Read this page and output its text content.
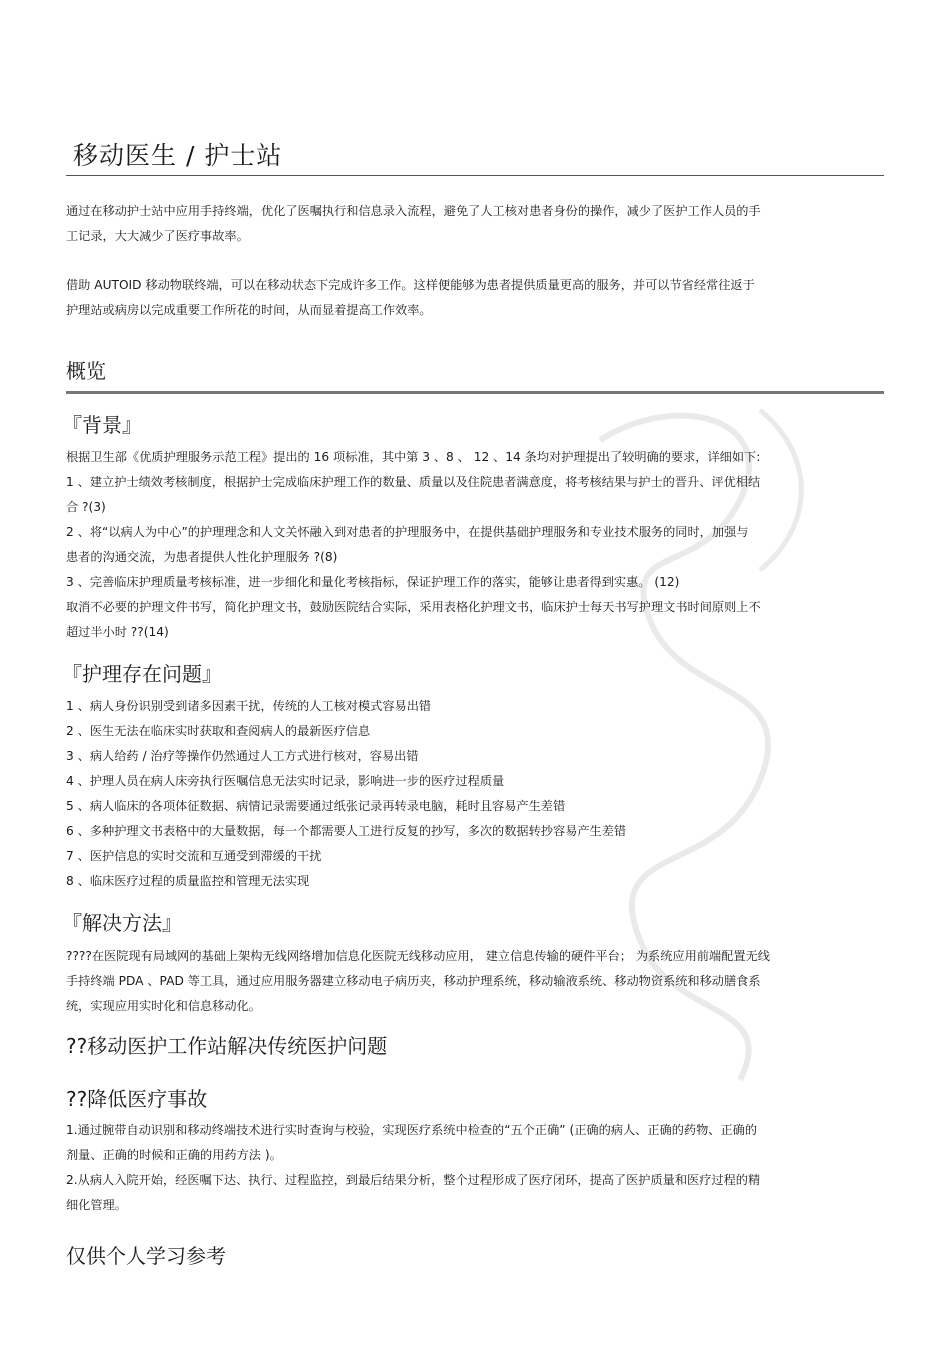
移动医生 / 护士站
通过在移动护士站中应用手持终端，优化了医嘱执行和信息录入流程，避免了人工核对患者身份的操作，减少了医护工作人员的手
工记录，大大减少了医疗事故率。
借助 AUTOID 移动物联终端，可以在移动状态下完成许多工作。这样便能够为患者提供质量更高的服务，并可以节省经常往返于
护理站或病房以完成重要工作所花的时间，从而显着提高工作效率。
概览
『背景』
根据卫生部《优质护理服务示范工程》提出的 16 项标准，其中第 3 、8 、 12 、14 条均对护理提出了较明确的要求，详细如下:
1 、建立护士绩效考核制度，根据护士完成临床护理工作的数量、质量以及住院患者满意度，将考核结果与护士的晋升、评优相结
合 ?(3)
2 、将“以病人为中心”的护理理念和人文关怀融入到对患者的护理服务中，在提供基础护理服务和专业技术服务的同时，加强与
患者的沟通交流，为患者提供人性化护理服务 ?(8)
3 、完善临床护理质量考核标准，进一步细化和量化考核指标，保证护理工作的落实，能够让患者得到实惠。 (12)
取消不必要的护理文件书写，简化护理文书，鼓励医院结合实际，采用表格化护理文书，临床护士每天书写护理文书时间原则上不
超过半小时 ??(14)
『护理存在问题』
1 、病人身份识别受到诸多因素干扰，传统的人工核对模式容易出错
2 、医生无法在临床实时获取和查阅病人的最新医疗信息
3 、病人给药 / 治疗等操作仍然通过人工方式进行核对，容易出错
4 、护理人员在病人床旁执行医嘱信息无法实时记录，影响进一步的医疗过程质量
5 、病人临床的各项体征数据、病情记录需要通过纸张记录再转录电脑，耗时且容易产生差错
6 、多种护理文书表格中的大量数据，每一个都需要人工进行反复的抄写，多次的数据转抄容易产生差错
7 、医护信息的实时交流和互通受到滞缓的干扰
8 、临床医疗过程的质量监控和管理无法实现
『解决方法』
????在医院现有局域网的基础上架构无线网络增加信息化医院无线移动应用， 建立信息传输的硬件平台； 为系统应用前端配置无线
手持终端 PDA 、PAD 等工具，通过应用服务器建立移动电子病历夹，移动护理系统，移动输液系统、移动物资系统和移动膳食系
统，实现应用实时化和信息移动化。
??移动医护工作站解决传统医护问题
??降低医疗事故
1.通过腕带自动识别和移动终端技术进行实时查询与校验，实现医疗系统中检查的“五个正确” (正确的病人、正确的药物、正确的
剂量、正确的时候和正确的用药方法 )。
2.从病人入院开始，经医嘱下达、执行、过程监控，到最后结果分析，整个过程形成了医疗闭环，提高了医护质量和医疗过程的精
细化管理。
仅供个人学习参考
